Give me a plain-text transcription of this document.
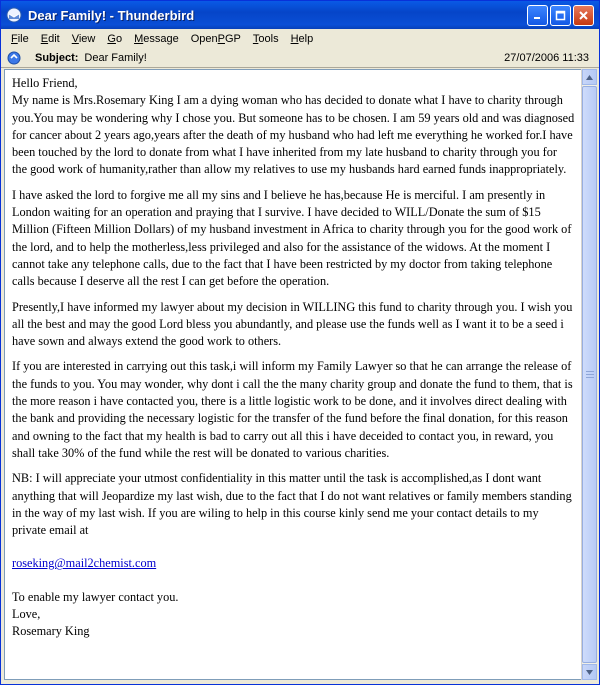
Dear Family! - Thunderbird
File	Edit	View	Go	Message	OpenPGP	Tools	Help
Subject: Dear Family!	27/07/2006 11:33

Hello Friend,

My name is Mrs.Rosemary King I am a dying woman who has decided to donate what I have to charity through you.You may be wondering why I chose you. But someone has to be chosen. I am 59 years old and was diagnosed for cancer about 2 years ago,years after the death of my husband who had left me everything he worked for.I have been touched by the lord to donate from what I have inherited from my late husband to charity through you for the good work of humanity,rather than allow my relatives to use my husbands hard earned funds inappropriately.

I have asked the lord to forgive me all my sins and I believe he has,because He is merciful. I am presently in London waiting for an operation and praying that I survive. I have decided to WILL/Donate the sum of $15 Million (Fifteen Million Dollars) of my husband investment in Africa to charity through you for the good work of the lord, and to help the motherless,less privileged and also for the assistance of the widows. At the moment I cannot take any telephone calls, due to the fact that I have been restricted by my doctor from taking telephone calls because I deserve all the rest I can get before the operation.

Presently,I have informed my lawyer about my decision in WILLING this fund to charity through you. I wish you all the best and may the good Lord bless you abundantly, and please use the funds well as I want it to be a seed i have sown and always extend the good work to others.

If you are interested in carrying out this task,i will inform my Family Lawyer so that he can arrange the release of the funds to you. You may wonder, why dont i call the the many charity group and donate the fund to them, that is the more reason i have contacted you, there is a little logistic work to be done, and it involves direct dealing with the bank and providing the necessary logistic for the transfer of the fund before the final donation, for this reason and owning to the fact that my health is bad to carry out all this i have deceided to contact you, in reward, you shall take 30% of the fund while the rest will be donated to various charities.

NB: I will appreciate your utmost confidentiality in this matter until the task is accomplished,as I dont want anything that will Jeopardize my last wish, due to the fact that I do not want relatives or family members standing in the way of my last wish. If you are wiling to help in this course kinly send me your contact details to my private email at

roseking@mail2chemist.com

To enable my lawyer contact you.
Love,
Rosemary King
